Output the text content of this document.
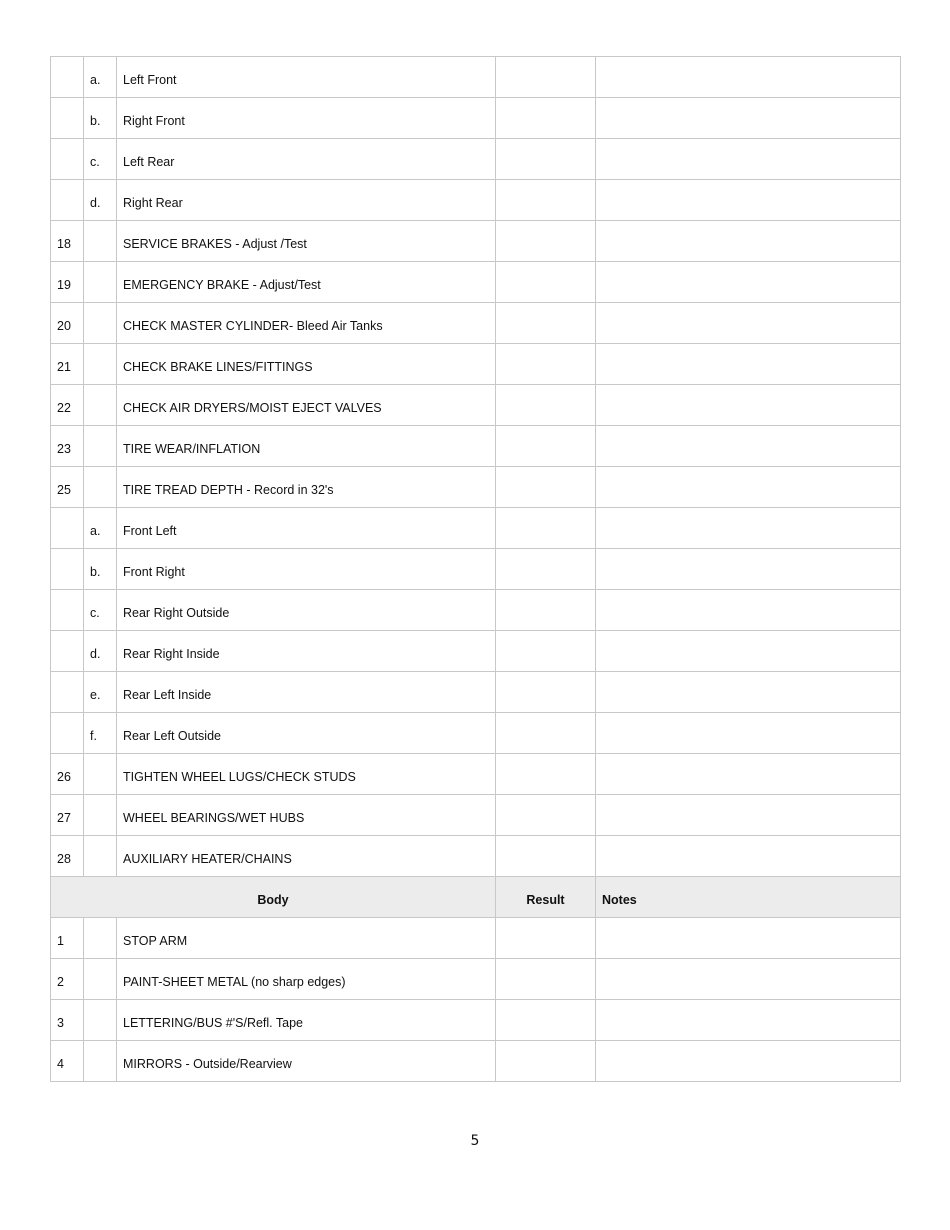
	a.	Left Front		
	b.	Right Front		
	c.	Left Rear		
	d.	Right Rear		
18		SERVICE BRAKES - Adjust /Test		
19		EMERGENCY BRAKE - Adjust/Test		
20		CHECK MASTER CYLINDER- Bleed Air Tanks		
21		CHECK BRAKE LINES/FITTINGS		
22		CHECK AIR DRYERS/MOIST EJECT VALVES		
23		TIRE WEAR/INFLATION		
25		TIRE TREAD DEPTH - Record in 32's		
	a.	Front Left		
	b.	Front Right		
	c.	Rear Right Outside		
	d.	Rear Right Inside		
	e.	Rear Left Inside		
	f.	Rear Left Outside		
26		TIGHTEN WHEEL LUGS/CHECK STUDS		
27		WHEEL BEARINGS/WET HUBS		
28		AUXILIARY HEATER/CHAINS		
Body			Result	Notes
1		STOP ARM		
2		PAINT-SHEET METAL (no sharp edges)		
3		LETTERING/BUS #'S/Refl. Tape		
4		MIRRORS - Outside/Rearview		
5
